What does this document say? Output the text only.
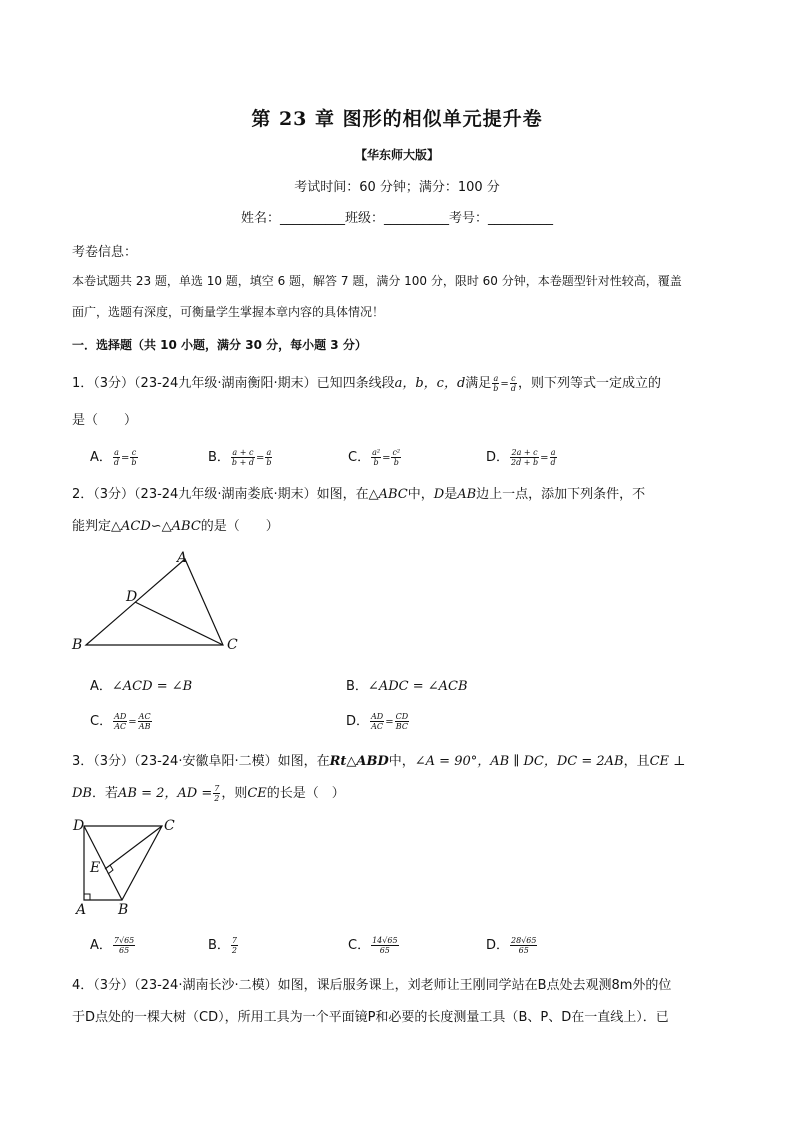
第 23 章 图形的相似单元提升卷
【华东师大版】
考试时间：60 分钟；满分：100 分
姓名：__________班级：__________考号：__________
考卷信息：
本卷试题共 23 题，单选 10 题，填空 6 题，解答 7 题，满分 100 分，限时 60 分钟，本卷题型针对性较高，覆盖
面广，选题有深度，可衡量学生掌握本章内容的具体情况！
一．选择题（共 10 小题，满分 30 分，每小题 3 分）
1．（3分）（23-24九年级·湖南衡阳·期末）已知四条线段a，b，c，d满足 $\frac{a}{b} = \frac{c}{d}$ ，则下列等式一定成立的
是（　　）
A． $\frac{a}{d} = \frac{c}{b}$	B． $\frac{a + c}{b + d} = \frac{a}{b}$	C． $\frac{\text{a²}}{b} = \frac{\text{c²}}{b}$	D． $\frac{2a + c}{2d + b} = \frac{a}{d}$
2．（3分）（23-24九年级·湖南娄底·期末）如图，在△ABC中，D是AB边上一点，添加下列条件，不
能判定△ACD∽△ABC的是（　　）
A
D
B	C
A．∠ACD = ∠B	B．∠ADC = ∠ACB
C． $\frac{AD}{AC} = \frac{AC}{AB}$	D． $\frac{AD}{AC} = \frac{CD}{BC}$
3．（3分）（23-24·安徽阜阳·二模）如图，在Rt△ABD中，∠A = 90°，AB ∥ DC，DC = 2AB，且CE ⊥
DB．若AB = 2，AD = $\frac{7}{2}$ ，则CE的长是（　）
D	C
E
A B
A． $\frac{7√65}{65}$	B． $\frac{7}{2}$	C． $\frac{14√65}{65}$	D． $\frac{28√65}{65}$
4．（3分）（23-24·湖南长沙·二模）如图，课后服务课上，刘老师让王刚同学站在B点处去观测8m外的位
于D点处的一棵大树（CD），所用工具为一个平面镜P和必要的长度测量工具（B、P、D在一直线上）．已
